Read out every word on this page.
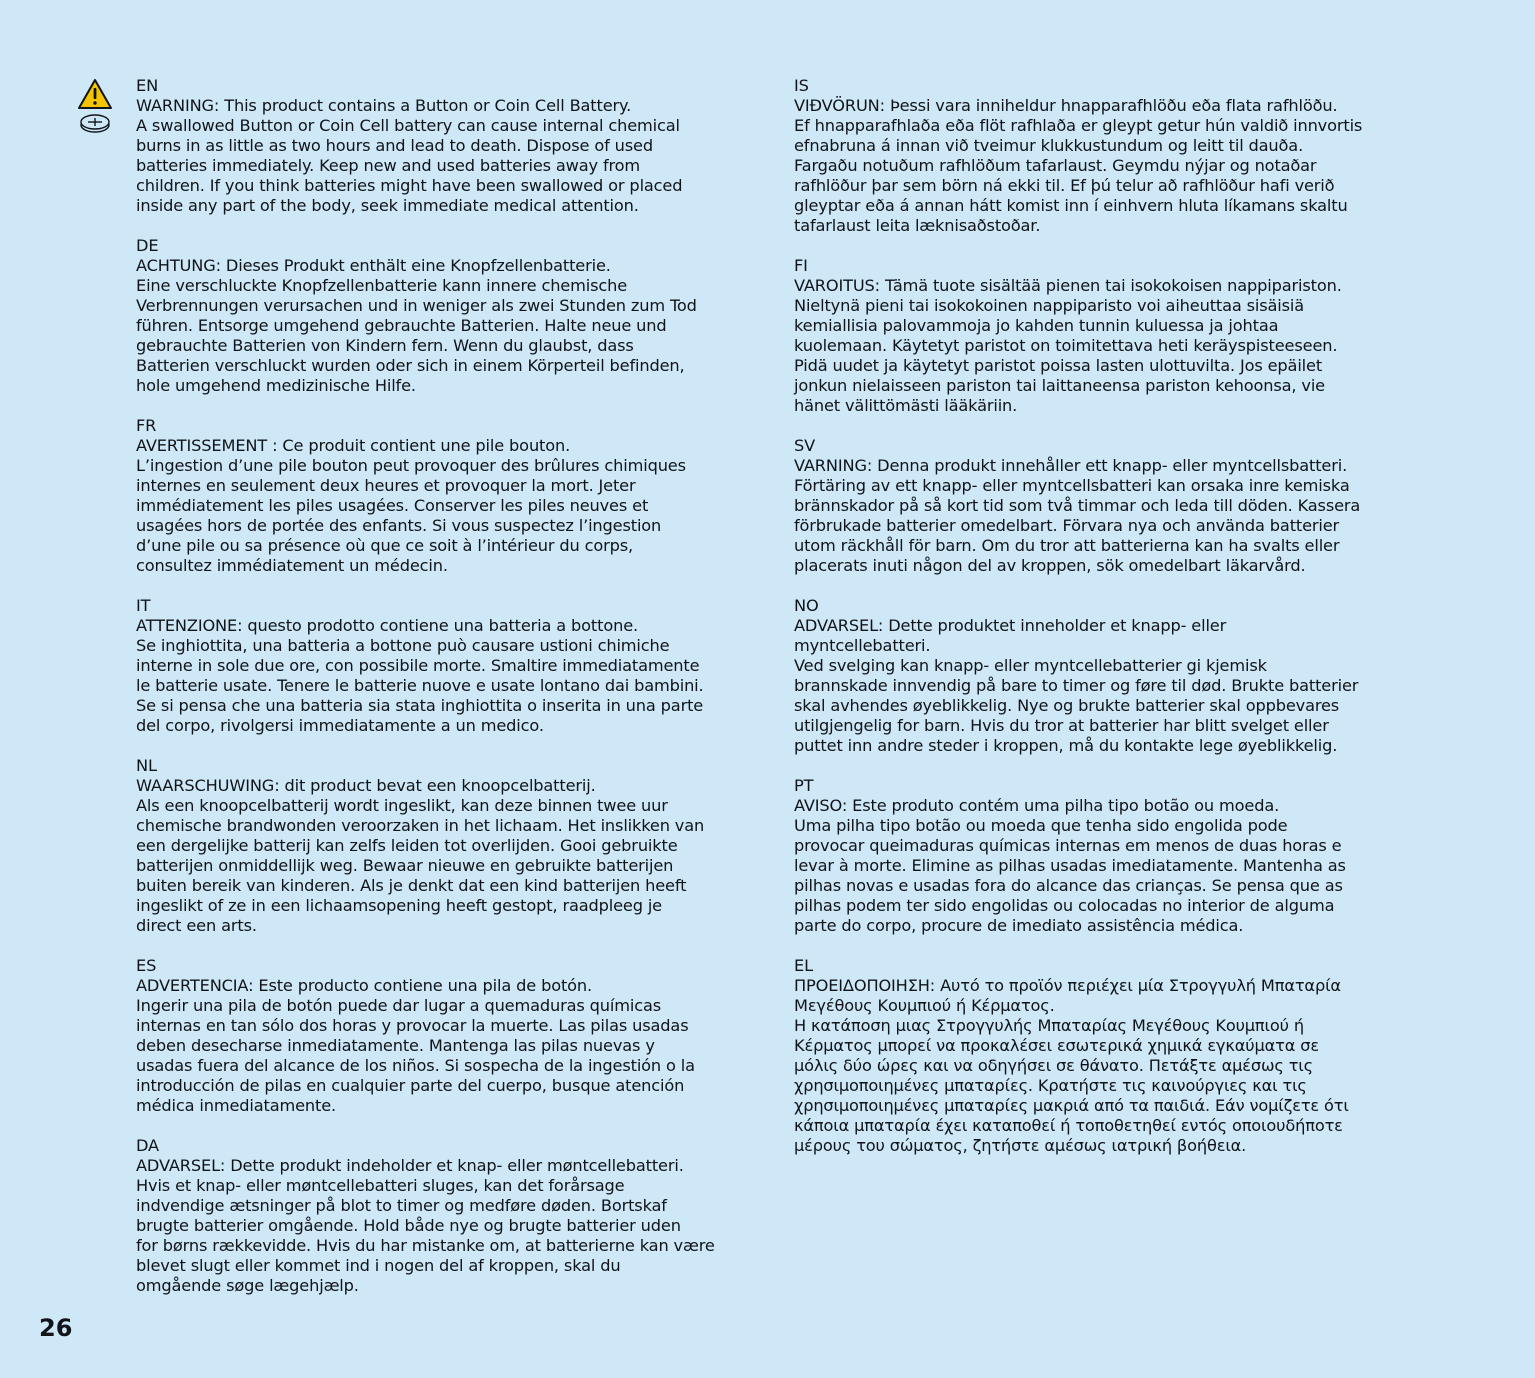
EN

WARNING: This product contains a Button or Coin Cell Battery.

A swallowed Button or Coin Cell battery can cause internal chemical

burns in as little as two hours and lead to death. Dispose of used

batteries immediately. Keep new and used batteries away from

children. If you think batteries might have been swallowed or placed

inside any part of the body, seek immediate medical attention.

DE

ACHTUNG: Dieses Produkt enthält eine Knopfzellenbatterie.

Eine verschluckte Knopfzellenbatterie kann innere chemische

Verbrennungen verursachen und in weniger als zwei Stunden zum Tod

führen. Entsorge umgehend gebrauchte Batterien. Halte neue und

gebrauchte Batterien von Kindern fern. Wenn du glaubst, dass

Batterien verschluckt wurden oder sich in einem Körperteil befinden,

hole umgehend medizinische Hilfe.

FR

AVERTISSEMENT : Ce produit contient une pile bouton.

L’ingestion d’une pile bouton peut provoquer des brûlures chimiques

internes en seulement deux heures et provoquer la mort. Jeter

immédiatement les piles usagées. Conserver les piles neuves et

usagées hors de portée des enfants. Si vous suspectez l’ingestion

d’une pile ou sa présence où que ce soit à l’intérieur du corps,

consultez immédiatement un médecin.

IT

ATTENZIONE: questo prodotto contiene una batteria a bottone.

Se inghiottita, una batteria a bottone può causare ustioni chimiche

interne in sole due ore, con possibile morte. Smaltire immediatamente

le batterie usate. Tenere le batterie nuove e usate lontano dai bambini.

Se si pensa che una batteria sia stata inghiottita o inserita in una parte

del corpo, rivolgersi immediatamente a un medico.

NL

WAARSCHUWING: dit product bevat een knoopcelbatterij.

Als een knoopcelbatterij wordt ingeslikt, kan deze binnen twee uur

chemische brandwonden veroorzaken in het lichaam. Het inslikken van

een dergelijke batterij kan zelfs leiden tot overlijden. Gooi gebruikte

batterijen onmiddellijk weg. Bewaar nieuwe en gebruikte batterijen

buiten bereik van kinderen. Als je denkt dat een kind batterijen heeft

ingeslikt of ze in een lichaamsopening heeft gestopt, raadpleeg je

direct een arts.

ES

ADVERTENCIA: Este producto contiene una pila de botón.

Ingerir una pila de botón puede dar lugar a quemaduras químicas

internas en tan sólo dos horas y provocar la muerte. Las pilas usadas

deben desecharse inmediatamente. Mantenga las pilas nuevas y

usadas fuera del alcance de los niños. Si sospecha de la ingestión o la

introducción de pilas en cualquier parte del cuerpo, busque atención

médica inmediatamente.

DA

ADVARSEL: Dette produkt indeholder et knap- eller møntcellebatteri.

Hvis et knap- eller møntcellebatteri sluges, kan det forårsage

indvendige ætsninger på blot to timer og medføre døden. Bortskaf

brugte batterier omgående. Hold både nye og brugte batterier uden

for børns rækkevidde. Hvis du har mistanke om, at batterierne kan være

blevet slugt eller kommet ind i nogen del af kroppen, skal du

omgående søge lægehjælp.

IS

VIÐVÖRUN: Þessi vara inniheldur hnapparafhlöðu eða flata rafhlöðu.

Ef hnapparafhlaða eða flöt rafhlaða er gleypt getur hún valdið innvortis

efnabruna á innan við tveimur klukkustundum og leitt til dauða.

Fargaðu notuðum rafhlöðum tafarlaust. Geymdu nýjar og notaðar

rafhlöður þar sem börn ná ekki til. Ef þú telur að rafhlöður hafi verið

gleyptar eða á annan hátt komist inn í einhvern hluta líkamans skaltu

tafarlaust leita læknisaðstoðar.

FI

VAROITUS: Tämä tuote sisältää pienen tai isokokoisen nappipariston.

Nieltynä pieni tai isokokoinen nappiparisto voi aiheuttaa sisäisiä

kemiallisia palovammoja jo kahden tunnin kuluessa ja johtaa

kuolemaan. Käytetyt paristot on toimitettava heti keräyspisteeseen.

Pidä uudet ja käytetyt paristot poissa lasten ulottuvilta. Jos epäilet

jonkun nielaisseen pariston tai laittaneensa pariston kehoonsa, vie

hänet välittömästi lääkäriin.

SV

VARNING: Denna produkt innehåller ett knapp- eller myntcellsbatteri.

Förtäring av ett knapp- eller myntcellsbatteri kan orsaka inre kemiska

brännskador på så kort tid som två timmar och leda till döden. Kassera

förbrukade batterier omedelbart. Förvara nya och använda batterier

utom räckhåll för barn. Om du tror att batterierna kan ha svalts eller

placerats inuti någon del av kroppen, sök omedelbart läkarvård.

NO

ADVARSEL: Dette produktet inneholder et knapp- eller

myntcellebatteri.

Ved svelging kan knapp- eller myntcellebatterier gi kjemisk

brannskade innvendig på bare to timer og føre til død. Brukte batterier

skal avhendes øyeblikkelig. Nye og brukte batterier skal oppbevares

utilgjengelig for barn. Hvis du tror at batterier har blitt svelget eller

puttet inn andre steder i kroppen, må du kontakte lege øyeblikkelig.

PT

AVISO: Este produto contém uma pilha tipo botão ou moeda.

Uma pilha tipo botão ou moeda que tenha sido engolida pode

provocar queimaduras químicas internas em menos de duas horas e

levar à morte. Elimine as pilhas usadas imediatamente. Mantenha as

pilhas novas e usadas fora do alcance das crianças. Se pensa que as

pilhas podem ter sido engolidas ou colocadas no interior de alguma

parte do corpo, procure de imediato assistência médica.

EL

ΠΡΟΕΙΔΟΠΟΙΗΣΗ: Αυτό το προϊόν περιέχει μία Στρογγυλή Μπαταρία

Μεγέθους Κουμπιού ή Κέρματος.

Η κατάποση μιας Στρογγυλής Μπαταρίας Μεγέθους Κουμπιού ή

Κέρματος μπορεί να προκαλέσει εσωτερικά χημικά εγκαύματα σε

μόλις δύο ώρες και να οδηγήσει σε θάνατο. Πετάξτε αμέσως τις

χρησιμοποιημένες μπαταρίες. Κρατήστε τις καινούργιες και τις

χρησιμοποιημένες μπαταρίες μακριά από τα παιδιά. Εάν νομίζετε ότι

κάποια μπαταρία έχει καταποθεί ή τοποθετηθεί εντός οποιουδήποτε

μέρους του σώματος, ζητήστε αμέσως ιατρική βοήθεια.

26
